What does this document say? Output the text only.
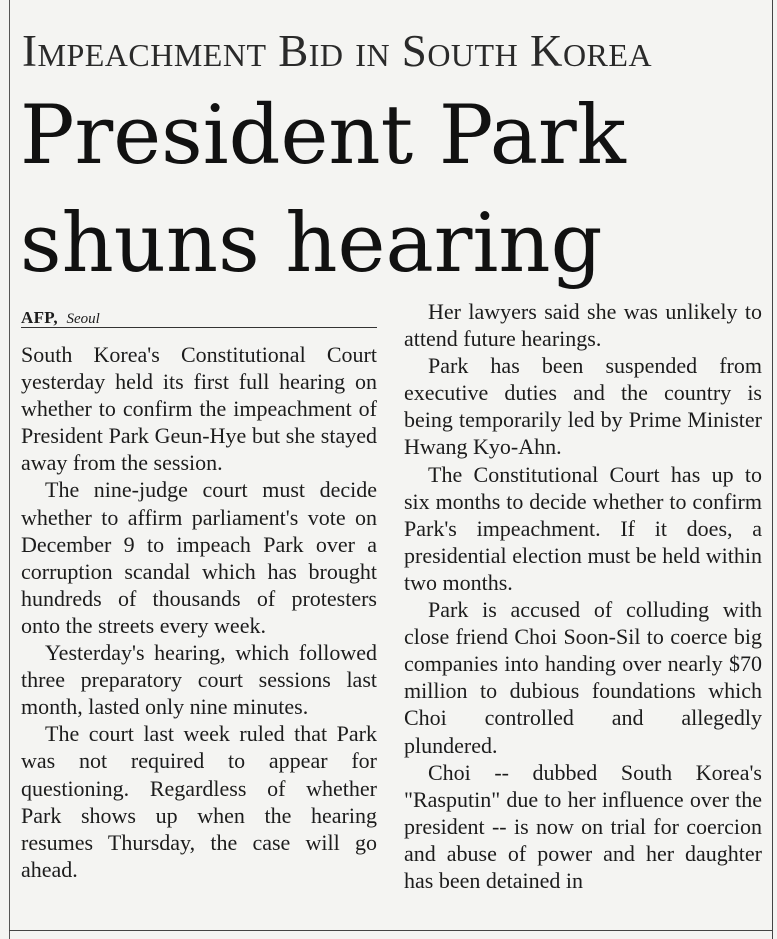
Impeachment Bid in South Korea
President Park
shuns hearing
AFP, Seoul

South Korea's Constitutional Court yesterday held its first full hearing on whether to confirm the impeachment of President Park Geun-Hye but she stayed away from the session.

The nine-judge court must decide whether to affirm parliament's vote on December 9 to impeach Park over a corruption scandal which has brought hundreds of thousands of protesters onto the streets every week.

Yesterday's hearing, which followed three preparatory court sessions last month, lasted only nine minutes.

The court last week ruled that Park was not required to appear for questioning. Regardless of whether Park shows up when the hearing resumes Thursday, the case will go ahead.

Her lawyers said she was unlikely to attend future hearings.

Park has been suspended from executive duties and the country is being temporarily led by Prime Minister Hwang Kyo-Ahn.

The Constitutional Court has up to six months to decide whether to confirm Park's impeachment. If it does, a presidential election must be held within two months.

Park is accused of colluding with close friend Choi Soon-Sil to coerce big companies into handing over nearly $70 million to dubious foundations which Choi controlled and allegedly plundered.

Choi -- dubbed South Korea's "Rasputin" due to her influence over the president -- is now on trial for coercion and abuse of power and her daughter has been detained in
